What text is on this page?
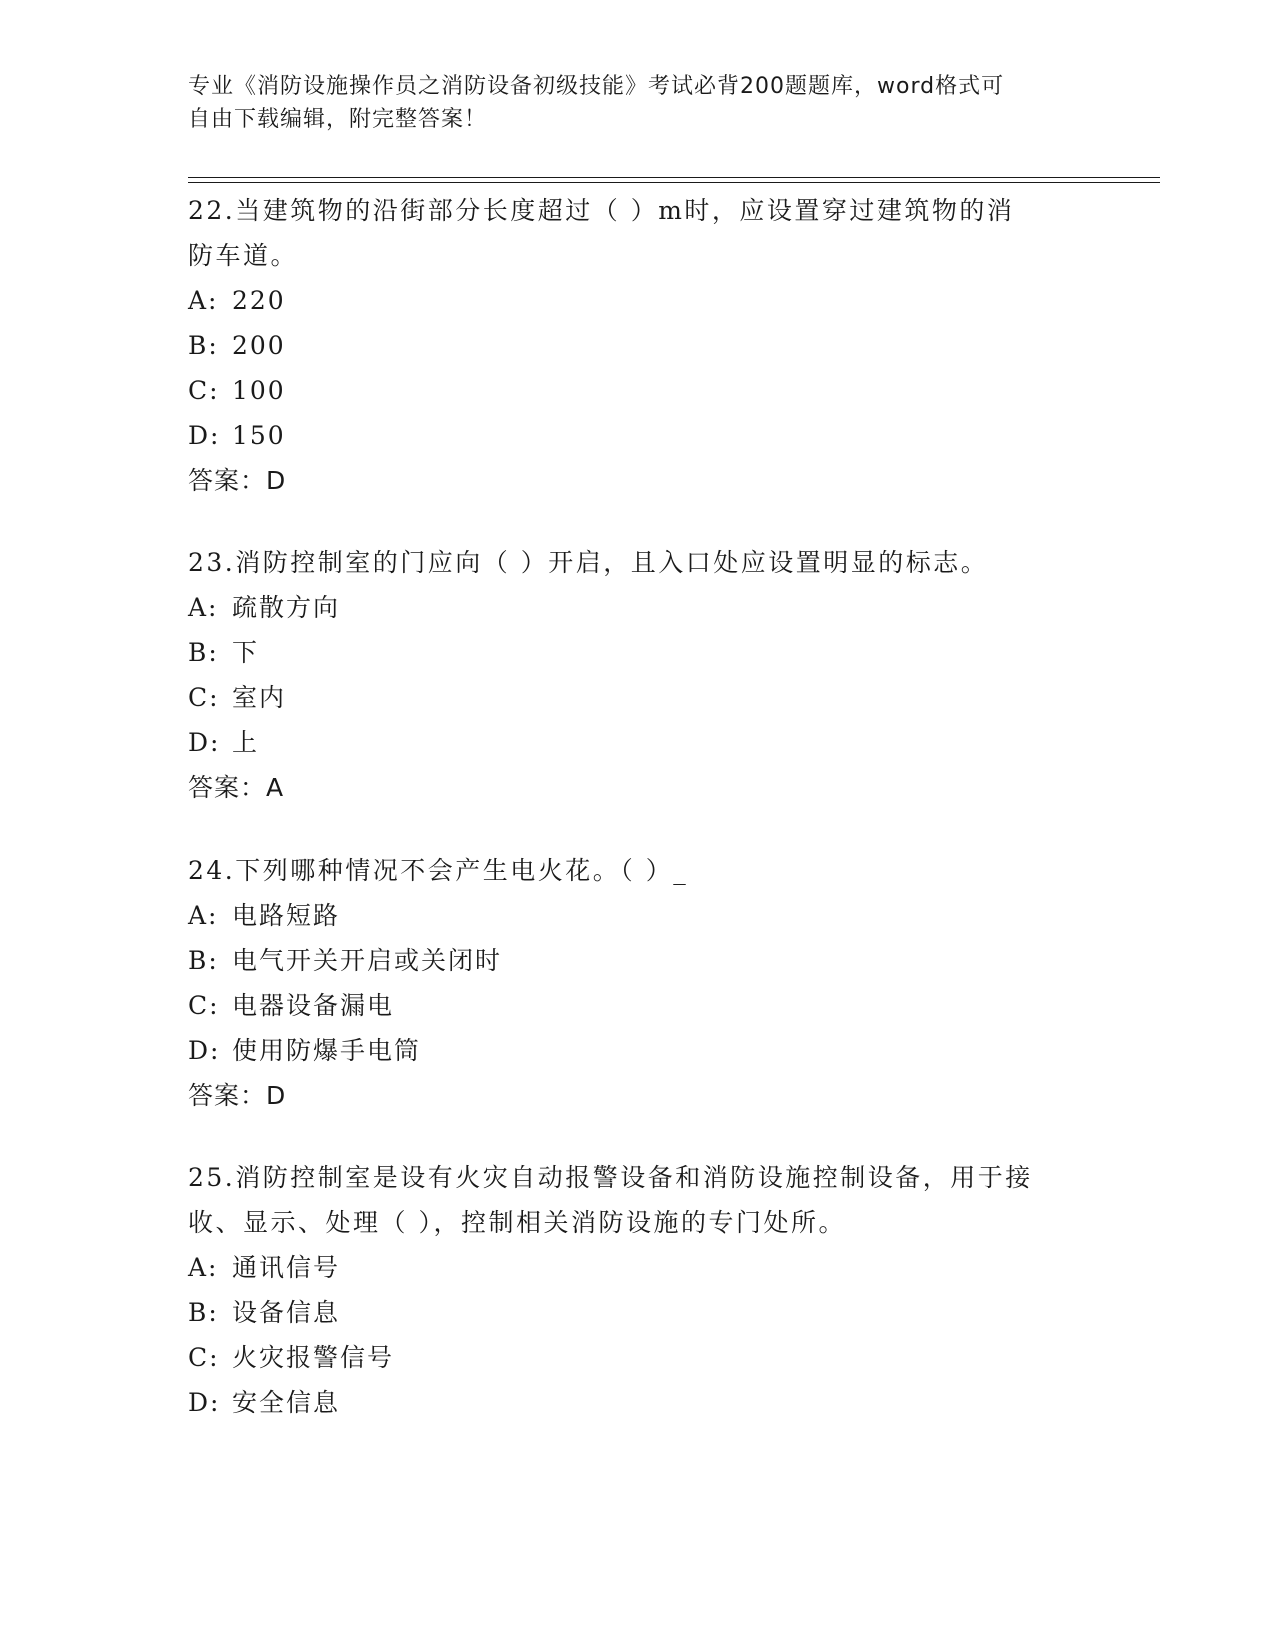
专业《消防设施操作员之消防设备初级技能》考试必背200题题库，word格式可
自由下载编辑，附完整答案！
22.当建筑物的沿街部分长度超过（ ）m时，应设置穿过建筑物的消
防车道。
A: 220
B: 200
C: 100
D: 150
答案：D
23.消防控制室的门应向（ ）开启，且入口处应设置明显的标志。
A: 疏散方向
B: 下
C: 室内
D: 上
答案：A
24.下列哪种情况不会产生电火花。（ ）_
A: 电路短路
B: 电气开关开启或关闭时
C: 电器设备漏电
D: 使用防爆手电筒
答案：D
25.消防控制室是设有火灾自动报警设备和消防设施控制设备，用于接
收、显示、处理（ ），控制相关消防设施的专门处所。
A: 通讯信号
B: 设备信息
C: 火灾报警信号
D: 安全信息
